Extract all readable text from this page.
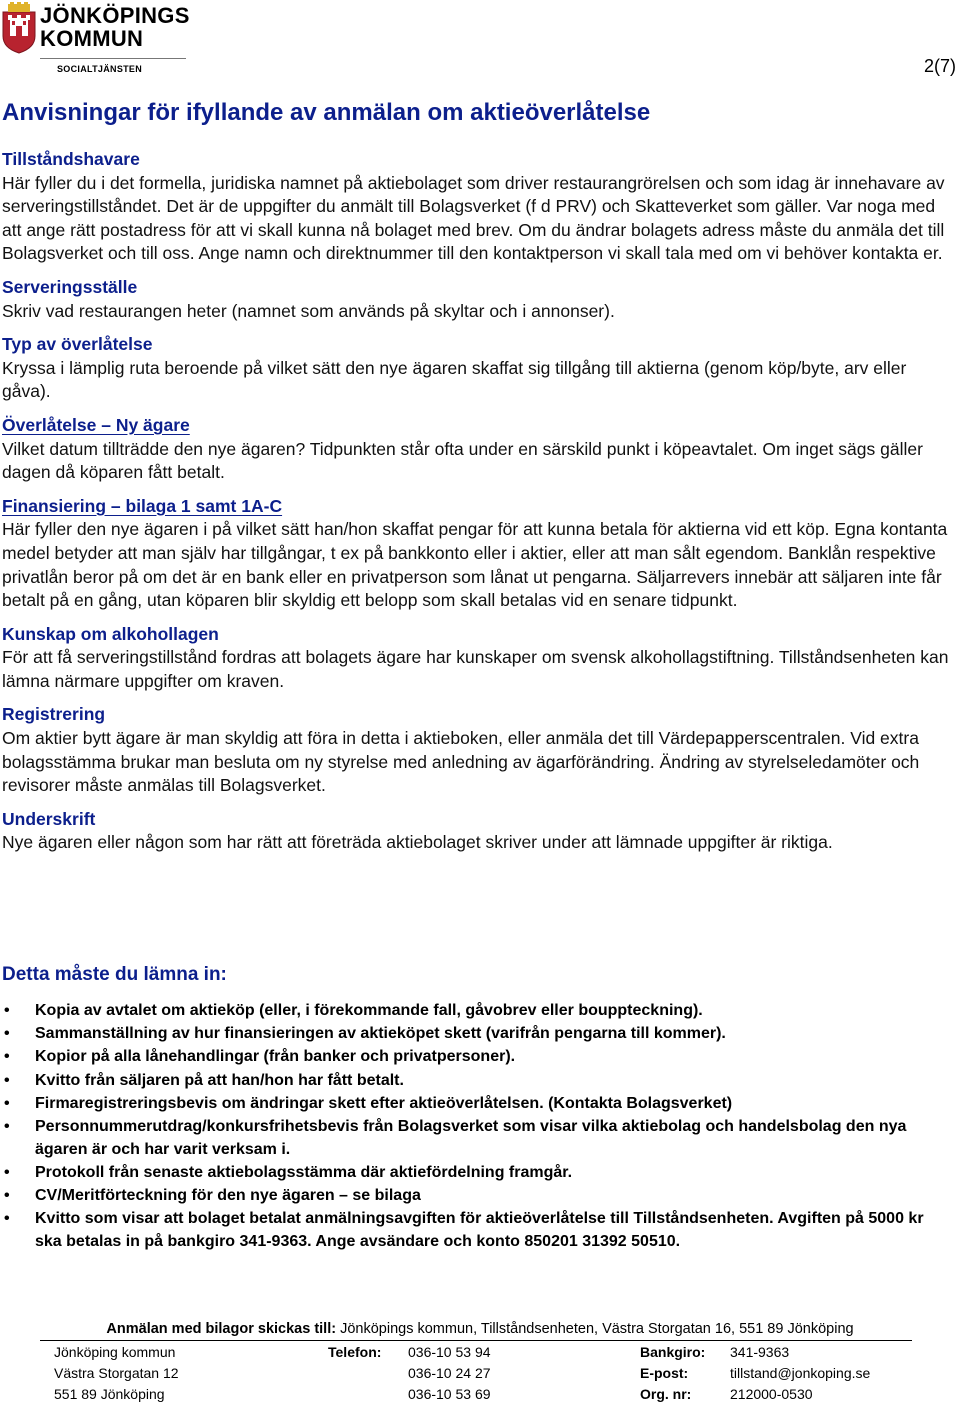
JÖNKÖPINGS
KOMMUN
SOCIALTJÄNSTEN	2(7)
Anvisningar för ifyllande av anmälan om aktieöverlåtelse
Tillståndshavare
Här fyller du i det formella, juridiska namnet på aktiebolaget som driver restaurangrörelsen och som idag är innehavare av serveringstillståndet. Det är de uppgifter du anmält till Bolagsverket (f d PRV) och Skatteverket som gäller. Var noga med att ange rätt postadress för att vi skall kunna nå bolaget med brev. Om du ändrar bolagets adress måste du anmäla det till Bolagsverket och till oss. Ange namn och direktnummer till den kontaktperson vi skall tala med om vi behöver kontakta er.
Serveringsställe
Skriv vad restaurangen heter (namnet som används på skyltar och i annonser).
Typ av överlåtelse
Kryssa i lämplig ruta beroende på vilket sätt den nye ägaren skaffat sig tillgång till aktierna (genom köp/byte, arv eller gåva).
Överlåtelse – Ny ägare
Vilket datum tillträdde den nye ägaren? Tidpunkten står ofta under en särskild punkt i köpeavtalet. Om inget sägs gäller dagen då köparen fått betalt.
Finansiering – bilaga 1 samt 1A-C
Här fyller den nye ägaren i på vilket sätt han/hon skaffat pengar för att kunna betala för aktierna vid ett köp. Egna kontanta medel betyder att man själv har tillgångar, t ex på bankkonto eller i aktier, eller att man sålt egendom. Banklån respektive privatlån beror på om det är en bank eller en privatperson som lånat ut pengarna. Säljarrevers innebär att säljaren inte får betalt på en gång, utan köparen blir skyldig ett belopp som skall betalas vid en senare tidpunkt.
Kunskap om alkohollagen
För att få serveringstillstånd fordras att bolagets ägare har kunskaper om svensk alkohollagstiftning. Tillståndsenheten kan lämna närmare uppgifter om kraven.
Registrering
Om aktier bytt ägare är man skyldig att föra in detta i aktieboken, eller anmäla det till Värdepapperscentralen. Vid extra bolagsstämma brukar man besluta om ny styrelse med anledning av ägarförändring. Ändring av styrelseledamöter och revisorer måste anmälas till Bolagsverket.
Underskrift
Nye ägaren eller någon som har rätt att företräda aktiebolaget skriver under att lämnade uppgifter är riktiga.
Detta måste du lämna in:
• Kopia av avtalet om aktieköp (eller, i förekommande fall, gåvobrev eller bouppteckning).
• Sammanställning av hur finansieringen av aktieköpet skett (varifrån pengarna till kommer).
• Kopior på alla lånehandlingar (från banker och privatpersoner).
• Kvitto från säljaren på att han/hon har fått betalt.
• Firmaregistreringsbevis om ändringar skett efter aktieöverlåtelsen. (Kontakta Bolagsverket)
• Personnummerutdrag/konkursfrihetsbevis från Bolagsverket som visar vilka aktiebolag och handelsbolag den nya ägaren är och har varit verksam i.
• Protokoll från senaste aktiebolagsstämma där aktiefördelning framgår.
• CV/Meritförteckning för den nye ägaren – se bilaga
• Kvitto som visar att bolaget betalat anmälningsavgiften för aktieöverlåtelse till Tillståndsenheten. Avgiften på 5000 kr ska betalas in på bankgiro 341-9363. Ange avsändare och konto 850201 31392 50510.
Anmälan med bilagor skickas till: Jönköpings kommun, Tillståndsenheten, Västra Storgatan 16, 551 89 Jönköping
Jönköping kommun
Västra Storgatan 12
551 89 Jönköping
Telefon: 036-10 53 94
036-10 24 27
036-10 53 69
Bankgiro:
E-post:
Org. nr:
341-9363
tillstand@jonkoping.se
212000-0530
